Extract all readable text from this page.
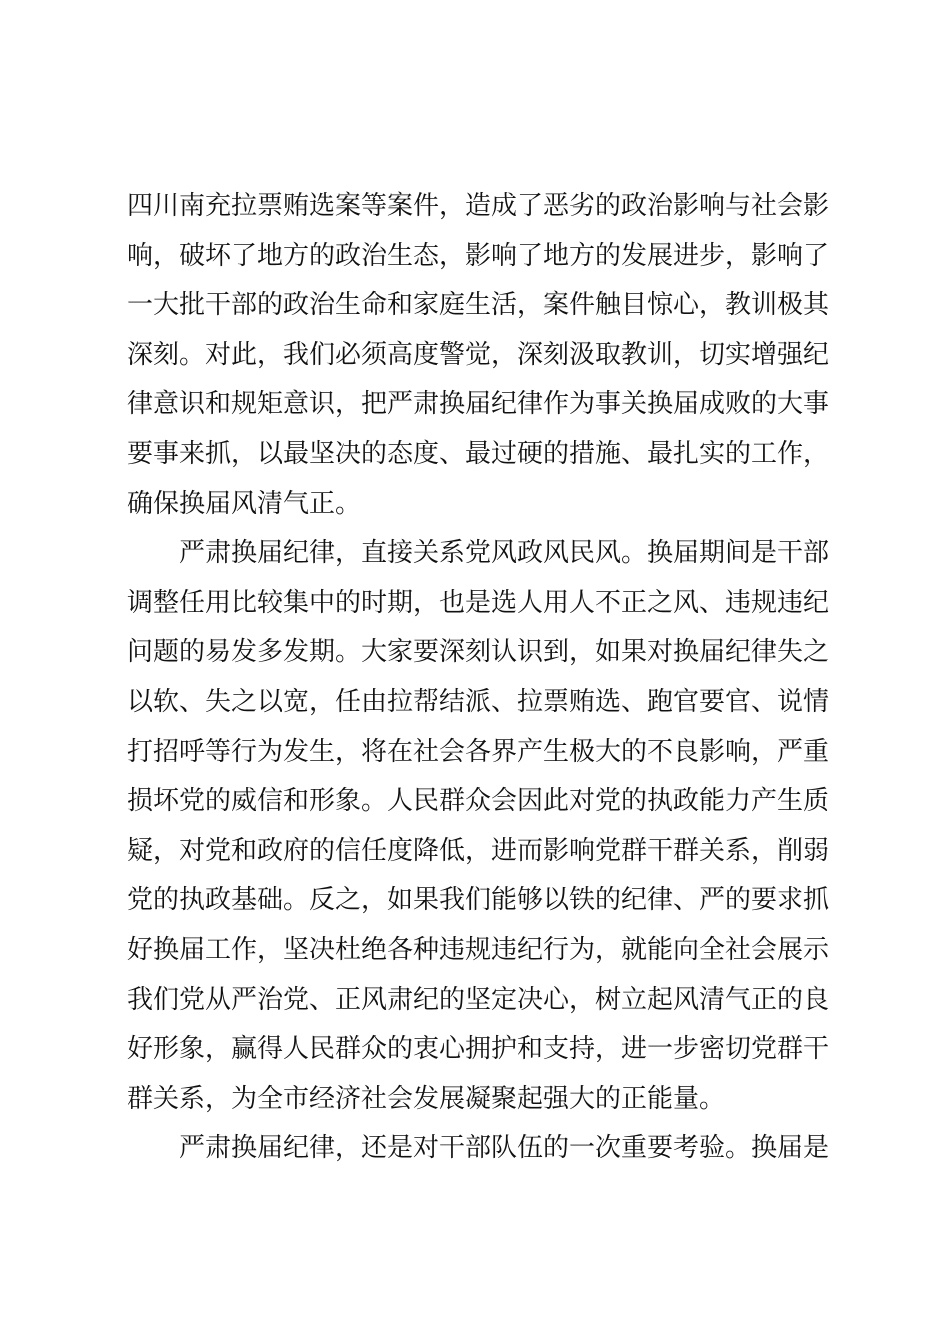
四川南充拉票贿选案等案件，造成了恶劣的政治影响与社会影
响，破坏了地方的政治生态，影响了地方的发展进步，影响了
一大批干部的政治生命和家庭生活，案件触目惊心，教训极其
深刻。对此，我们必须高度警觉，深刻汲取教训，切实增强纪
律意识和规矩意识，把严肃换届纪律作为事关换届成败的大事
要事来抓，以最坚决的态度、最过硬的措施、最扎实的工作，
确保换届风清气正。
严肃换届纪律，直接关系党风政风民风。换届期间是干部
调整任用比较集中的时期，也是选人用人不正之风、违规违纪
问题的易发多发期。大家要深刻认识到，如果对换届纪律失之
以软、失之以宽，任由拉帮结派、拉票贿选、跑官要官、说情
打招呼等行为发生，将在社会各界产生极大的不良影响，严重
损坏党的威信和形象。人民群众会因此对党的执政能力产生质
疑，对党和政府的信任度降低，进而影响党群干群关系，削弱
党的执政基础。反之，如果我们能够以铁的纪律、严的要求抓
好换届工作，坚决杜绝各种违规违纪行为，就能向全社会展示
我们党从严治党、正风肃纪的坚定决心，树立起风清气正的良
好形象，赢得人民群众的衷心拥护和支持，进一步密切党群干
群关系，为全市经济社会发展凝聚起强大的正能量。
严肃换届纪律，还是对干部队伍的一次重要考验。换届是
